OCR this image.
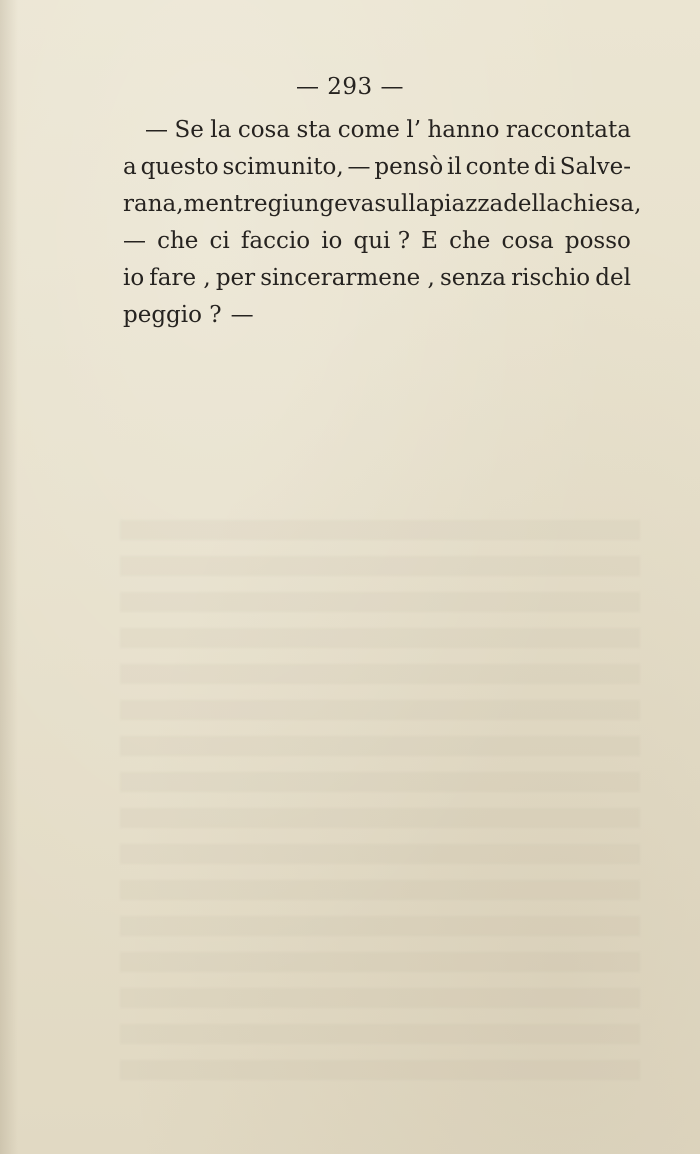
— 293 —
— Se la cosa sta come l’ hanno raccontata
a questo scimunito, — pensò il conte di Salve-
rana, mentre giungeva sulla piazza della chiesa,
— che ci faccio io qui ? E che cosa posso
io fare , per sincerarmene , senza rischio del
peggio ? —
